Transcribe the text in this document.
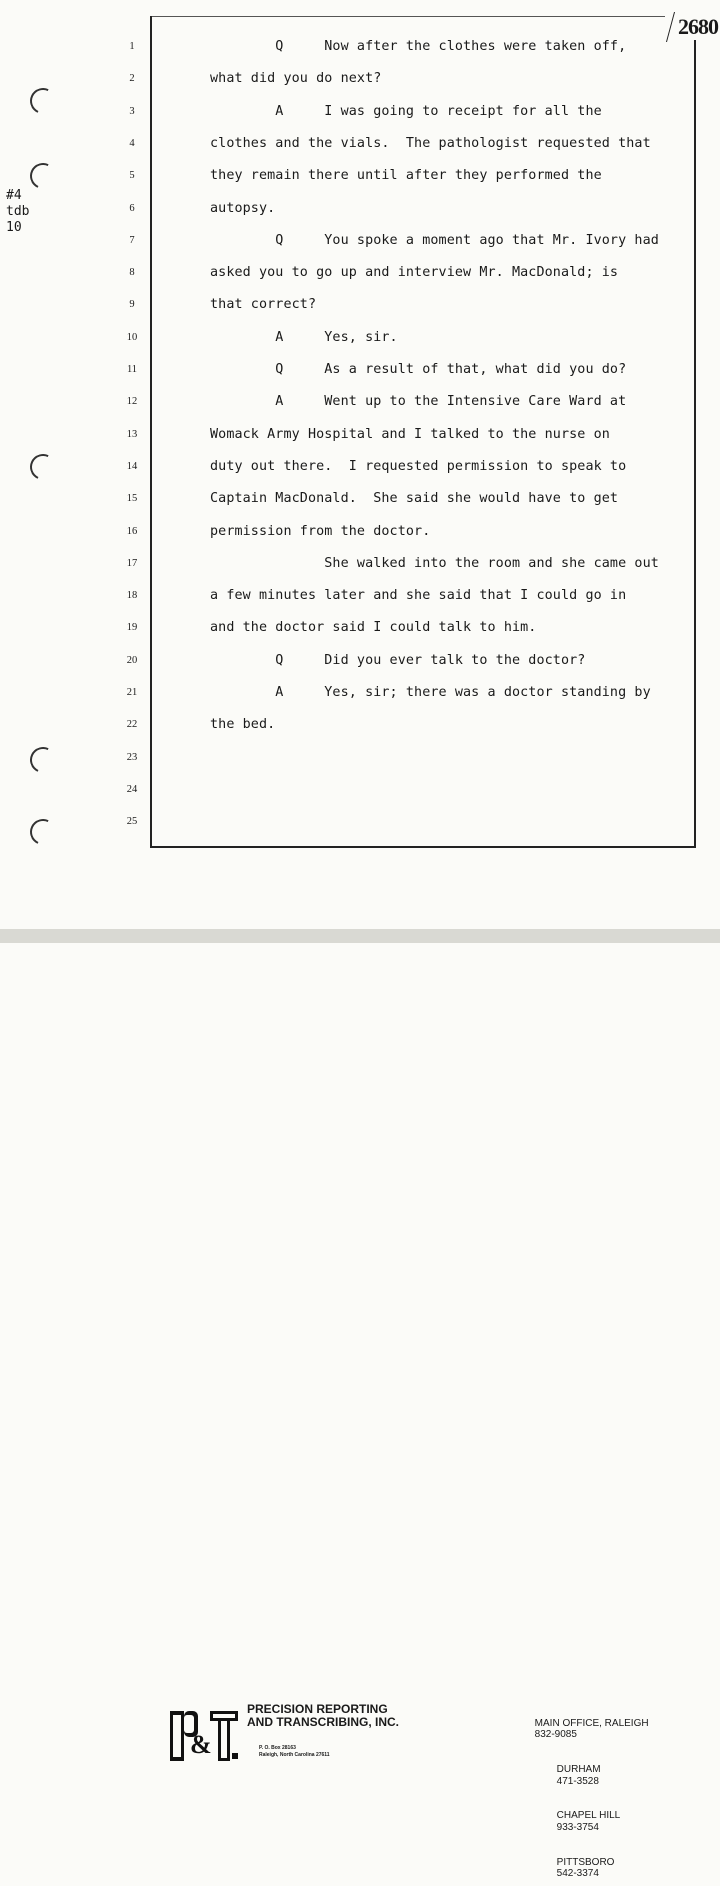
2680
#4
tdb
10
1	Q     Now after the clothes were taken off,
2	what did you do next?
3	A     I was going to receipt for all the
4	clothes and the vials.  The pathologist requested that
5	they remain there until after they performed the
6	autopsy.
7	Q     You spoke a moment ago that Mr. Ivory had
8	asked you to go up and interview Mr. MacDonald; is
9	that correct?
10	A     Yes, sir.
11	Q     As a result of that, what did you do?
12	A     Went up to the Intensive Care Ward at
13	Womack Army Hospital and I talked to the nurse on
14	duty out there.  I requested permission to speak to
15	Captain MacDonald.  She said she would have to get
16	permission from the doctor.
17	She walked into the room and she came out
18	a few minutes later and she said that I could go in
19	and the doctor said I could talk to him.
20	Q     Did you ever talk to the doctor?
21	A     Yes, sir; there was a doctor standing by
22	the bed.
23
24
25
&
PRECISION REPORTING
AND TRANSCRIBING, INC.
P. O. Box 28163
Raleigh, North Carolina 27611

MAIN OFFICE, RALEIGH
832-9085

DURHAM
471-3528

CHAPEL HILL
933-3754

PITTSBORO
542-3374
